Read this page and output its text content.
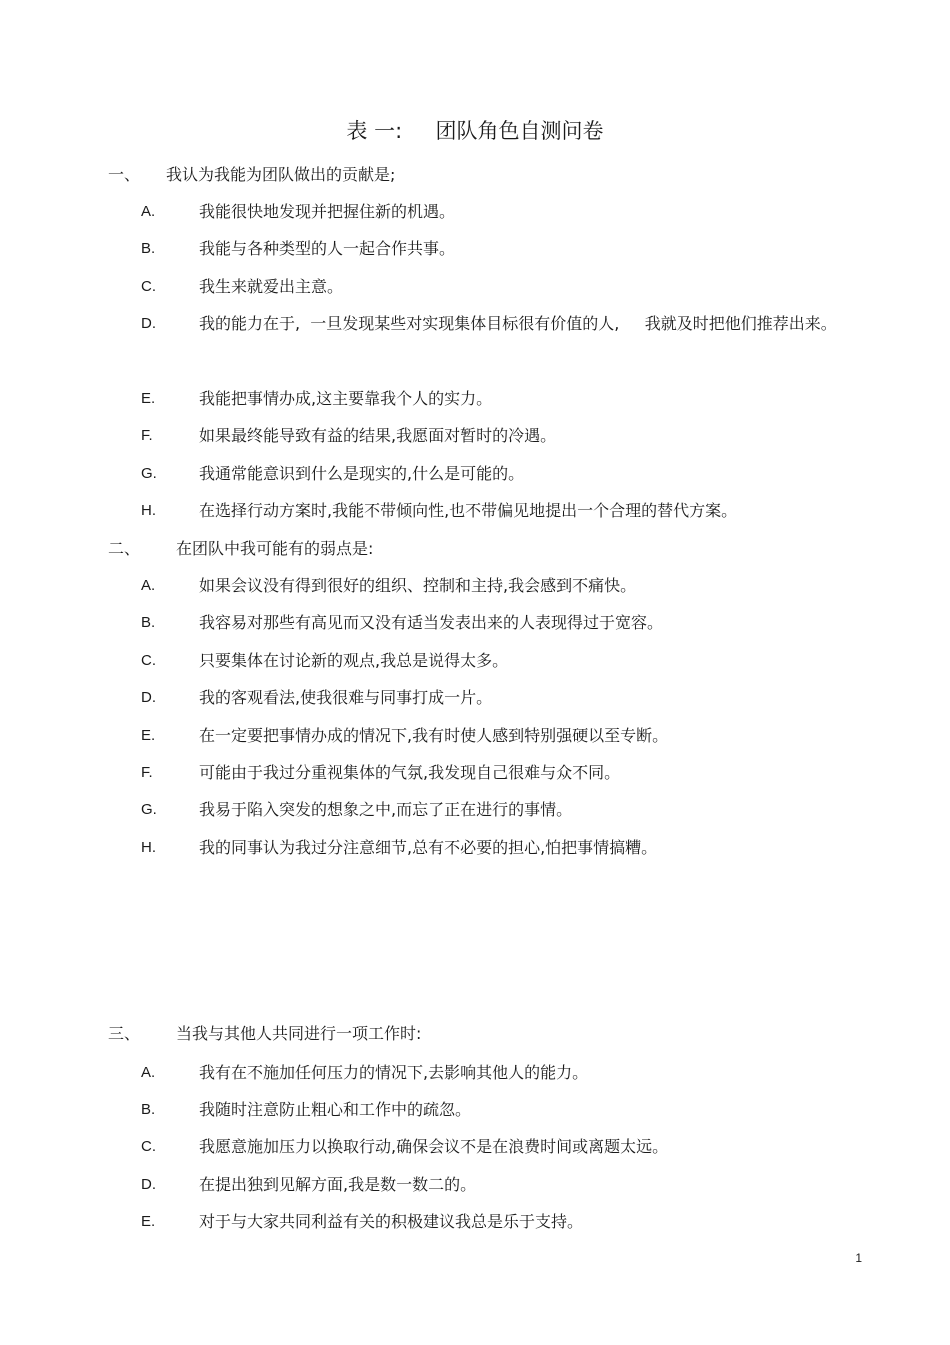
表 一:     团队角色自测问卷
一、 我认为我能为团队做出的贡献是;
A.	我能很快地发现并把握住新的机遇。
B.	我能与各种类型的人一起合作共事。
C.	我生来就爱出主意。
D.	我的能力在于,  一旦发现某些对实现集体目标很有价值的人,     我就及时把他们推荐出来。
E.	我能把事情办成,这主要靠我个人的实力。
F.	如果最终能导致有益的结果,我愿面对暂时的冷遇。
G.	我通常能意识到什么是现实的,什么是可能的。
H.	在选择行动方案时,我能不带倾向性,也不带偏见地提出一个合理的替代方案。
二、 在团队中我可能有的弱点是:
A.	如果会议没有得到很好的组织、控制和主持,我会感到不痛快。
B.	我容易对那些有高见而又没有适当发表出来的人表现得过于宽容。
C.	只要集体在讨论新的观点,我总是说得太多。
D.	我的客观看法,使我很难与同事打成一片。
E.	在一定要把事情办成的情况下,我有时使人感到特别强硬以至专断。
F.	可能由于我过分重视集体的气氛,我发现自己很难与众不同。
G.	我易于陷入突发的想象之中,而忘了正在进行的事情。
H.	我的同事认为我过分注意细节,总有不必要的担心,怕把事情搞糟。
三、 当我与其他人共同进行一项工作时:
A.	我有在不施加任何压力的情况下,去影响其他人的能力。
B.	我随时注意防止粗心和工作中的疏忽。
C.	我愿意施加压力以换取行动,确保会议不是在浪费时间或离题太远。
D.	在提出独到见解方面,我是数一数二的。
E.	对于与大家共同利益有关的积极建议我总是乐于支持。
1
